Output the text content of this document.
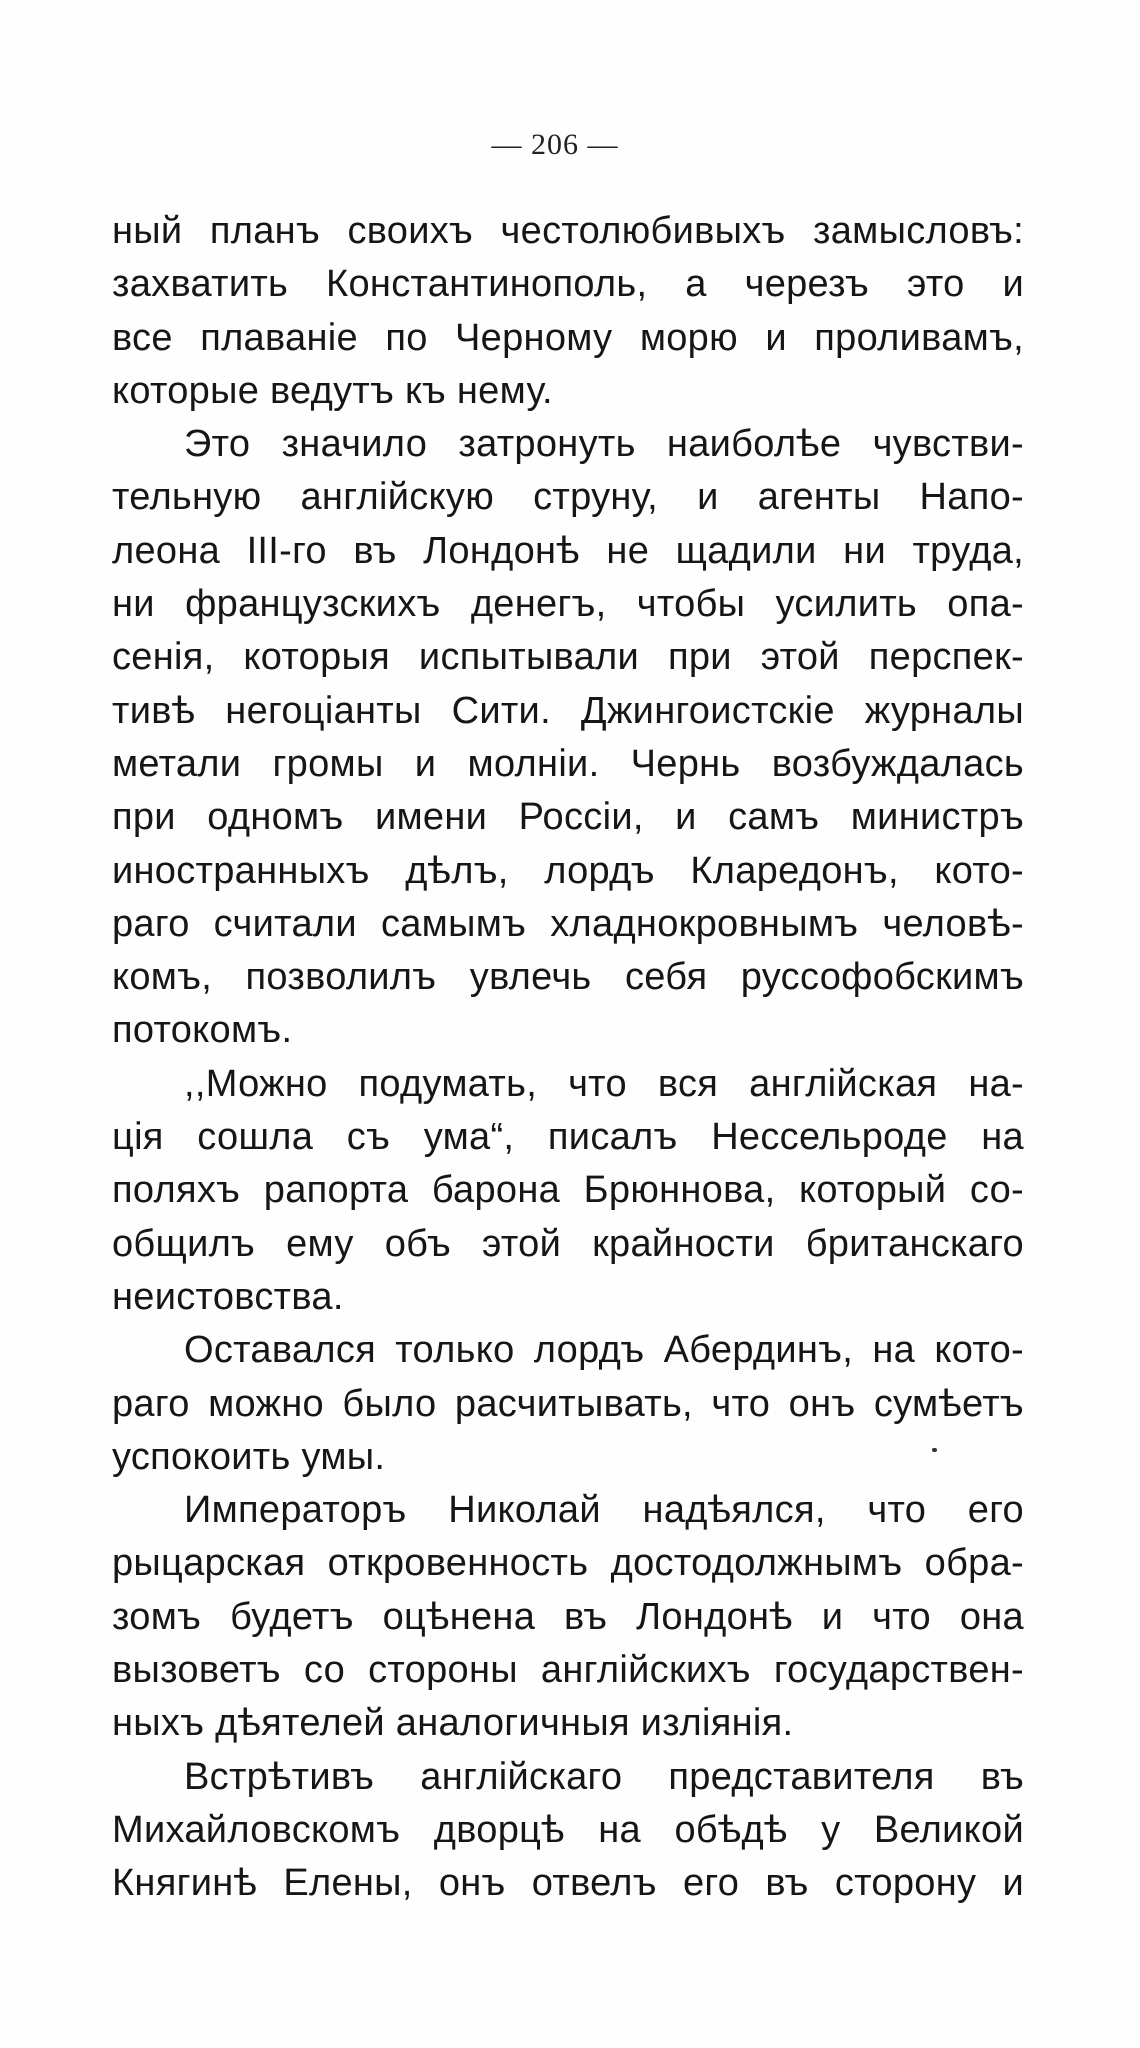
— 206 —
ный планъ своихъ честолюбивыхъ замысловъ:
захватить Константинополь, а черезъ это и
все плаваніе по Черному морю и проливамъ,
которые ведутъ къ нему.
Это значило затронуть наиболѣе чувстви-
тельную англійскую струну, и агенты Напо-
леона III-го въ Лондонѣ не щадили ни труда,
ни французскихъ денегъ, чтобы усилить опа-
сенія, которыя испытывали при этой перспек-
тивѣ негоціанты Сити. Джингоистскіе журналы
метали громы и молніи. Чернь возбуждалась
при одномъ имени Россіи, и самъ министръ
иностранныхъ дѣлъ, лордъ Кларедонъ, кото-
раго считали самымъ хладнокровнымъ человѣ-
комъ, позволилъ увлечь себя руссофобскимъ
потокомъ.
,,Можно подумать, что вся англійская на-
ція сошла съ ума“, писалъ Нессельроде на
поляхъ рапорта барона Брюннова, который со-
общилъ ему объ этой крайности британскаго
неистовства.
Оставался только лордъ Абердинъ, на кото-
раго можно было расчитывать, что онъ сумѣетъ
успокоить умы.
Императоръ Николай надѣялся, что его
рыцарская откровенность достодолжнымъ обра-
зомъ будетъ оцѣнена въ Лондонѣ и что она
вызоветъ со стороны англійскихъ государствен-
ныхъ дѣятелей аналогичныя изліянія.
Встрѣтивъ англійскаго представителя въ
Михайловскомъ дворцѣ на обѣдѣ у Великой
Княгинѣ Елены, онъ отвелъ его въ сторону и
